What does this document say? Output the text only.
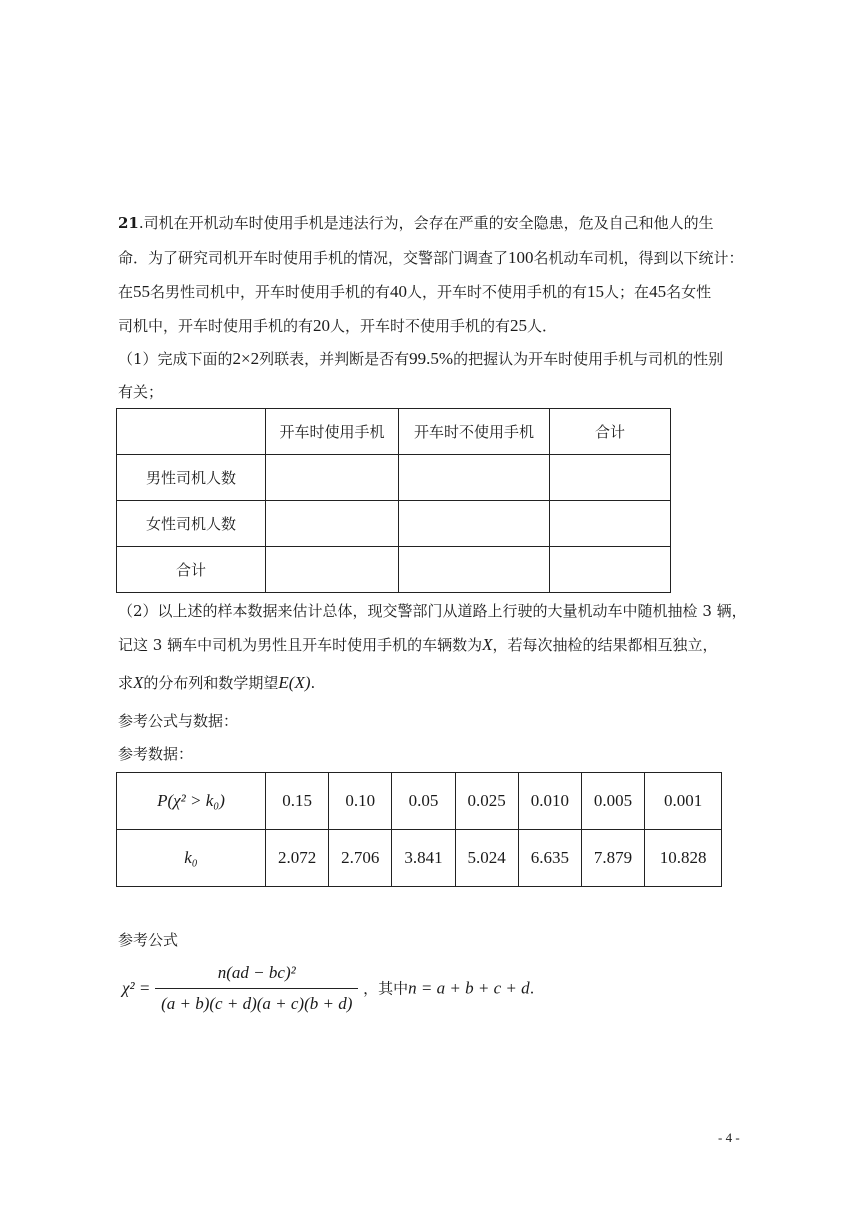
21.司机在开机动车时使用手机是违法行为，会存在严重的安全隐患，危及自己和他人的生
命．为了研究司机开车时使用手机的情况，交警部门调查了100名机动车司机，得到以下统计：
在55名男性司机中，开车时使用手机的有40人，开车时不使用手机的有15人；在45名女性
司机中，开车时使用手机的有20人，开车时不使用手机的有25人．
（1）完成下面的2×2列联表，并判断是否有99.5%的把握认为开车时使用手机与司机的性别
有关；
	开车时使用手机	开车时不使用手机	合计
男性司机人数			
女性司机人数			
合计			
（2）以上述的样本数据来估计总体，现交警部门从道路上行驶的大量机动车中随机抽检 3 辆，
记这 3 辆车中司机为男性且开车时使用手机的车辆数为X，若每次抽检的结果都相互独立，
求X的分布列和数学期望E(X).
参考公式与数据：
参考数据：
P(χ² > k₀)	0.15	0.10	0.05	0.025	0.010	0.005	0.001
k₀	2.072	2.706	3.841	5.024	6.635	7.879	10.828
参考公式
$\chi^2 = \frac{\text{n(ad − bc)²}}{(a + b)(c + d)(a + c)(b + d)}$ ，其中n = a + b + c + d.
- 4 -
